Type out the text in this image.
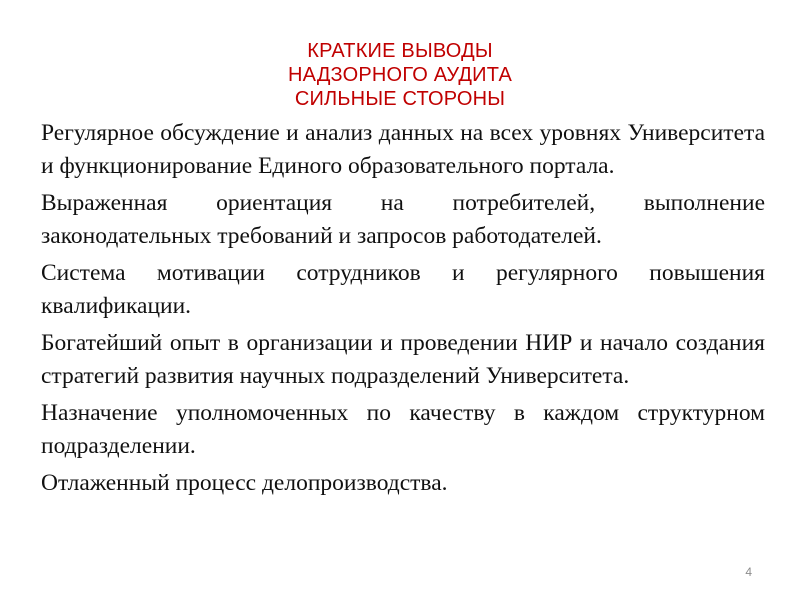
КРАТКИЕ ВЫВОДЫ
НАДЗОРНОГО АУДИТА
СИЛЬНЫЕ СТОРОНЫ

Регулярное обсуждение и анализ данных на всех уровнях Университета и функционирование Единого образовательного портала.

Выраженная ориентация на потребителей, выполнение законодательных требований и запросов работодателей.

Система мотивации сотрудников и регулярного повышения квалификации.

Богатейший опыт в организации и проведении НИР и начало создания стратегий развития научных подразделений Университета.

Назначение уполномоченных по качеству в каждом структурном подразделении.

Отлаженный процесс делопроизводства.

4
